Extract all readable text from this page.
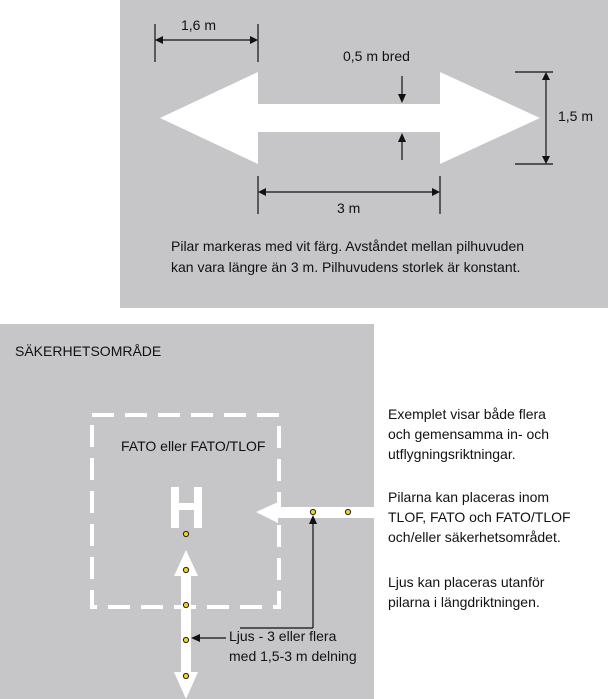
1,6 m
0,5 m bred
1,5 m
3 m
Pilar markeras med vit färg. Avståndet mellan pilhuvuden
kan vara längre än 3 m. Pilhuvudens storlek är konstant.
SÄKERHETSOMRÅDE
FATO eller FATO/TLOF
Ljus - 3 eller flera
med 1,5-3 m delning
Exemplet visar både flera
och gemensamma in- och
utflygningsriktningar.
Pilarna kan placeras inom
TLOF, FATO och FATO/TLOF
och/eller säkerhetsområdet.
Ljus kan placeras utanför
pilarna i längdriktningen.
